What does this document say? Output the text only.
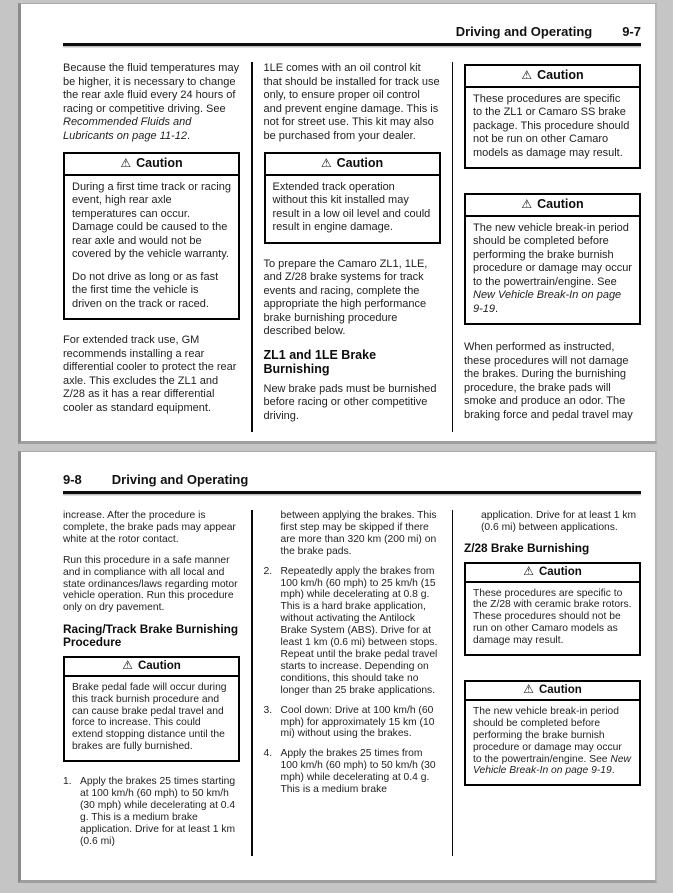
Driving and Operating 9-7

Because the fluid temperatures may be higher, it is necessary to change the rear axle fluid every 24 hours of racing or competitive driving. See Recommended Fluids and Lubricants on page 11-12.

⚠ Caution

During a first time track or racing event, high rear axle temperatures can occur. Damage could be caused to the rear axle and would not be covered by the vehicle warranty.

Do not drive as long or as fast the first time the vehicle is driven on the track or raced.

For extended track use, GM recommends installing a rear differential cooler to protect the rear axle. This excludes the ZL1 and Z/28 as it has a rear differential cooler as standard equipment.

1LE comes with an oil control kit that should be installed for track use only, to ensure proper oil control and prevent engine damage. This is not for street use. This kit may also be purchased from your dealer.

⚠ Caution

Extended track operation without this kit installed may result in a low oil level and could result in engine damage.

To prepare the Camaro ZL1, 1LE, and Z/28 brake systems for track events and racing, complete the appropriate the high performance brake burnishing procedure described below.

ZL1 and 1LE Brake Burnishing

New brake pads must be burnished before racing or other competitive driving.

⚠ Caution

These procedures are specific to the ZL1 or Camaro SS brake package. This procedure should not be run on other Camaro models as damage may result.

⚠ Caution

The new vehicle break-in period should be completed before performing the brake burnish procedure or damage may occur to the powertrain/engine. See New Vehicle Break-In on page 9-19.

When performed as instructed, these procedures will not damage the brakes. During the burnishing procedure, the brake pads will smoke and produce an odor. The braking force and pedal travel may

9-8 Driving and Operating

increase. After the procedure is complete, the brake pads may appear white at the rotor contact.

Run this procedure in a safe manner and in compliance with all local and state ordinances/laws regarding motor vehicle operation. Run this procedure only on dry pavement.

Racing/Track Brake Burnishing Procedure
⚠ Caution

Brake pedal fade will occur during this track burnish procedure and can cause brake pedal travel and force to increase. This could extend stopping distance until the brakes are fully burnished.

1. Apply the brakes 25 times starting at 100 km/h (60 mph) to 50 km/h (30 mph) while decelerating at 0.4 g. This is a medium brake application. Drive for at least 1 km (0.6 mi)

between applying the brakes. This first step may be skipped if there are more than 320 km (200 mi) on the brake pads.

2. Repeatedly apply the brakes from 100 km/h (60 mph) to 25 km/h (15 mph) while decelerating at 0.8 g. This is a hard brake application, without activating the Antilock Brake System (ABS). Drive for at least 1 km (0.6 mi) between stops. Repeat until the brake pedal travel starts to increase. Depending on conditions, this should take no longer than 25 brake applications.
3. Cool down: Drive at 100 km/h (60 mph) for approximately 15 km (10 mi) without using the brakes.
4. Apply the brakes 25 times from 100 km/h (60 mph) to 50 km/h (30 mph) while decelerating at 0.4 g. This is a medium brake

application. Drive for at least 1 km (0.6 mi) between applications.

Z/28 Brake Burnishing
⚠ Caution

These procedures are specific to the Z/28 with ceramic brake rotors. These procedures should not be run on other Camaro models as damage may result.

⚠ Caution

The new vehicle break-in period should be completed before performing the brake burnish procedure or damage may occur to the powertrain/engine. See New Vehicle Break-In on page 9-19.
